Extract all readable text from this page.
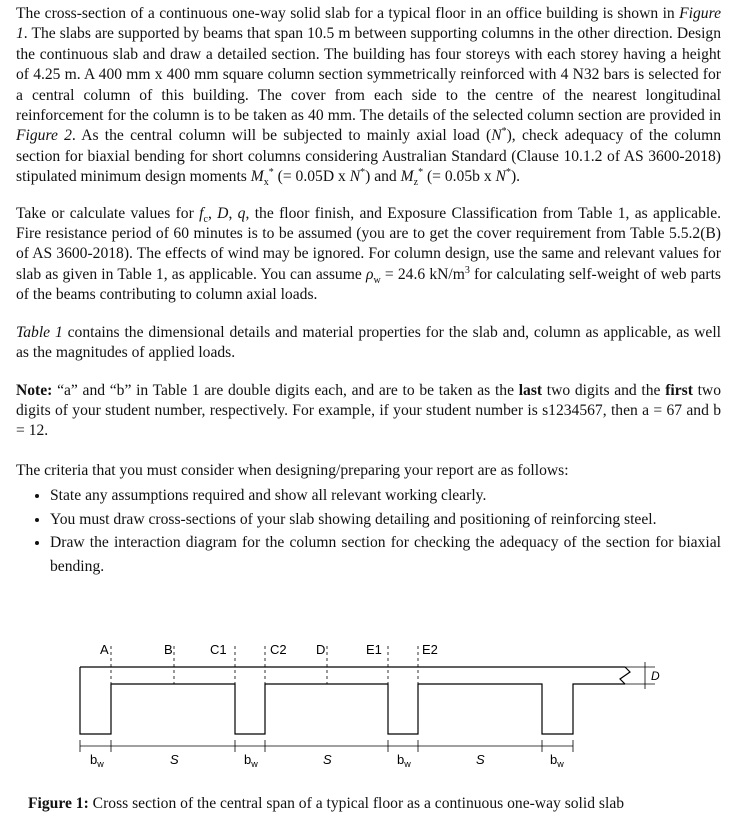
The cross-section of a continuous one-way solid slab for a typical floor in an office building is shown in Figure 1. The slabs are supported by beams that span 10.5 m between supporting columns in the other direction. Design the continuous slab and draw a detailed section. The building has four storeys with each storey having a height of 4.25 m. A 400 mm x 400 mm square column section symmetrically reinforced with 4 N32 bars is selected for a central column of this building. The cover from each side to the centre of the nearest longitudinal reinforcement for the column is to be taken as 40 mm. The details of the selected column section are provided in Figure 2. As the central column will be subjected to mainly axial load (N*), check adequacy of the column section for biaxial bending for short columns considering Australian Standard (Clause 10.1.2 of AS 3600-2018) stipulated minimum design moments $M_x^*$ (= 0.05D x N*) and $M_z^*$ (= 0.05b x N*).

Take or calculate values for $f_c$, D, q, the floor finish, and Exposure Classification from Table 1, as applicable. Fire resistance period of 60 minutes is to be assumed (you are to get the cover requirement from Table 5.5.2(B) of AS 3600-2018). The effects of wind may be ignored. For column design, use the same and relevant values for slab as given in Table 1, as applicable. You can assume $\rho_w = 24.6$ $kN/m^3$ for calculating self-weight of web parts of the beams contributing to column axial loads.

Table 1 contains the dimensional details and material properties for the slab and, column as applicable, as well as the magnitudes of applied loads.

Note: “a” and “b” in Table 1 are double digits each, and are to be taken as the last two digits and the first two digits of your student number, respectively. For example, if your student number is s1234567, then a = 67 and b = 12.

The criteria that you must consider when designing/preparing your report are as follows:

• State any assumptions required and show all relevant working clearly.
• You must draw cross-sections of your slab showing detailing and positioning of reinforcing steel.
• Draw the interaction diagram for the column section for checking the adequacy of the section for biaxial bending.
A	B	C1	C2 D	E1	E2
D
$b_w$	S	$b_w$	S	$b_w$	S	$b_w$
Figure 1: Cross section of the central span of a typical floor as a continuous one-way solid slab
